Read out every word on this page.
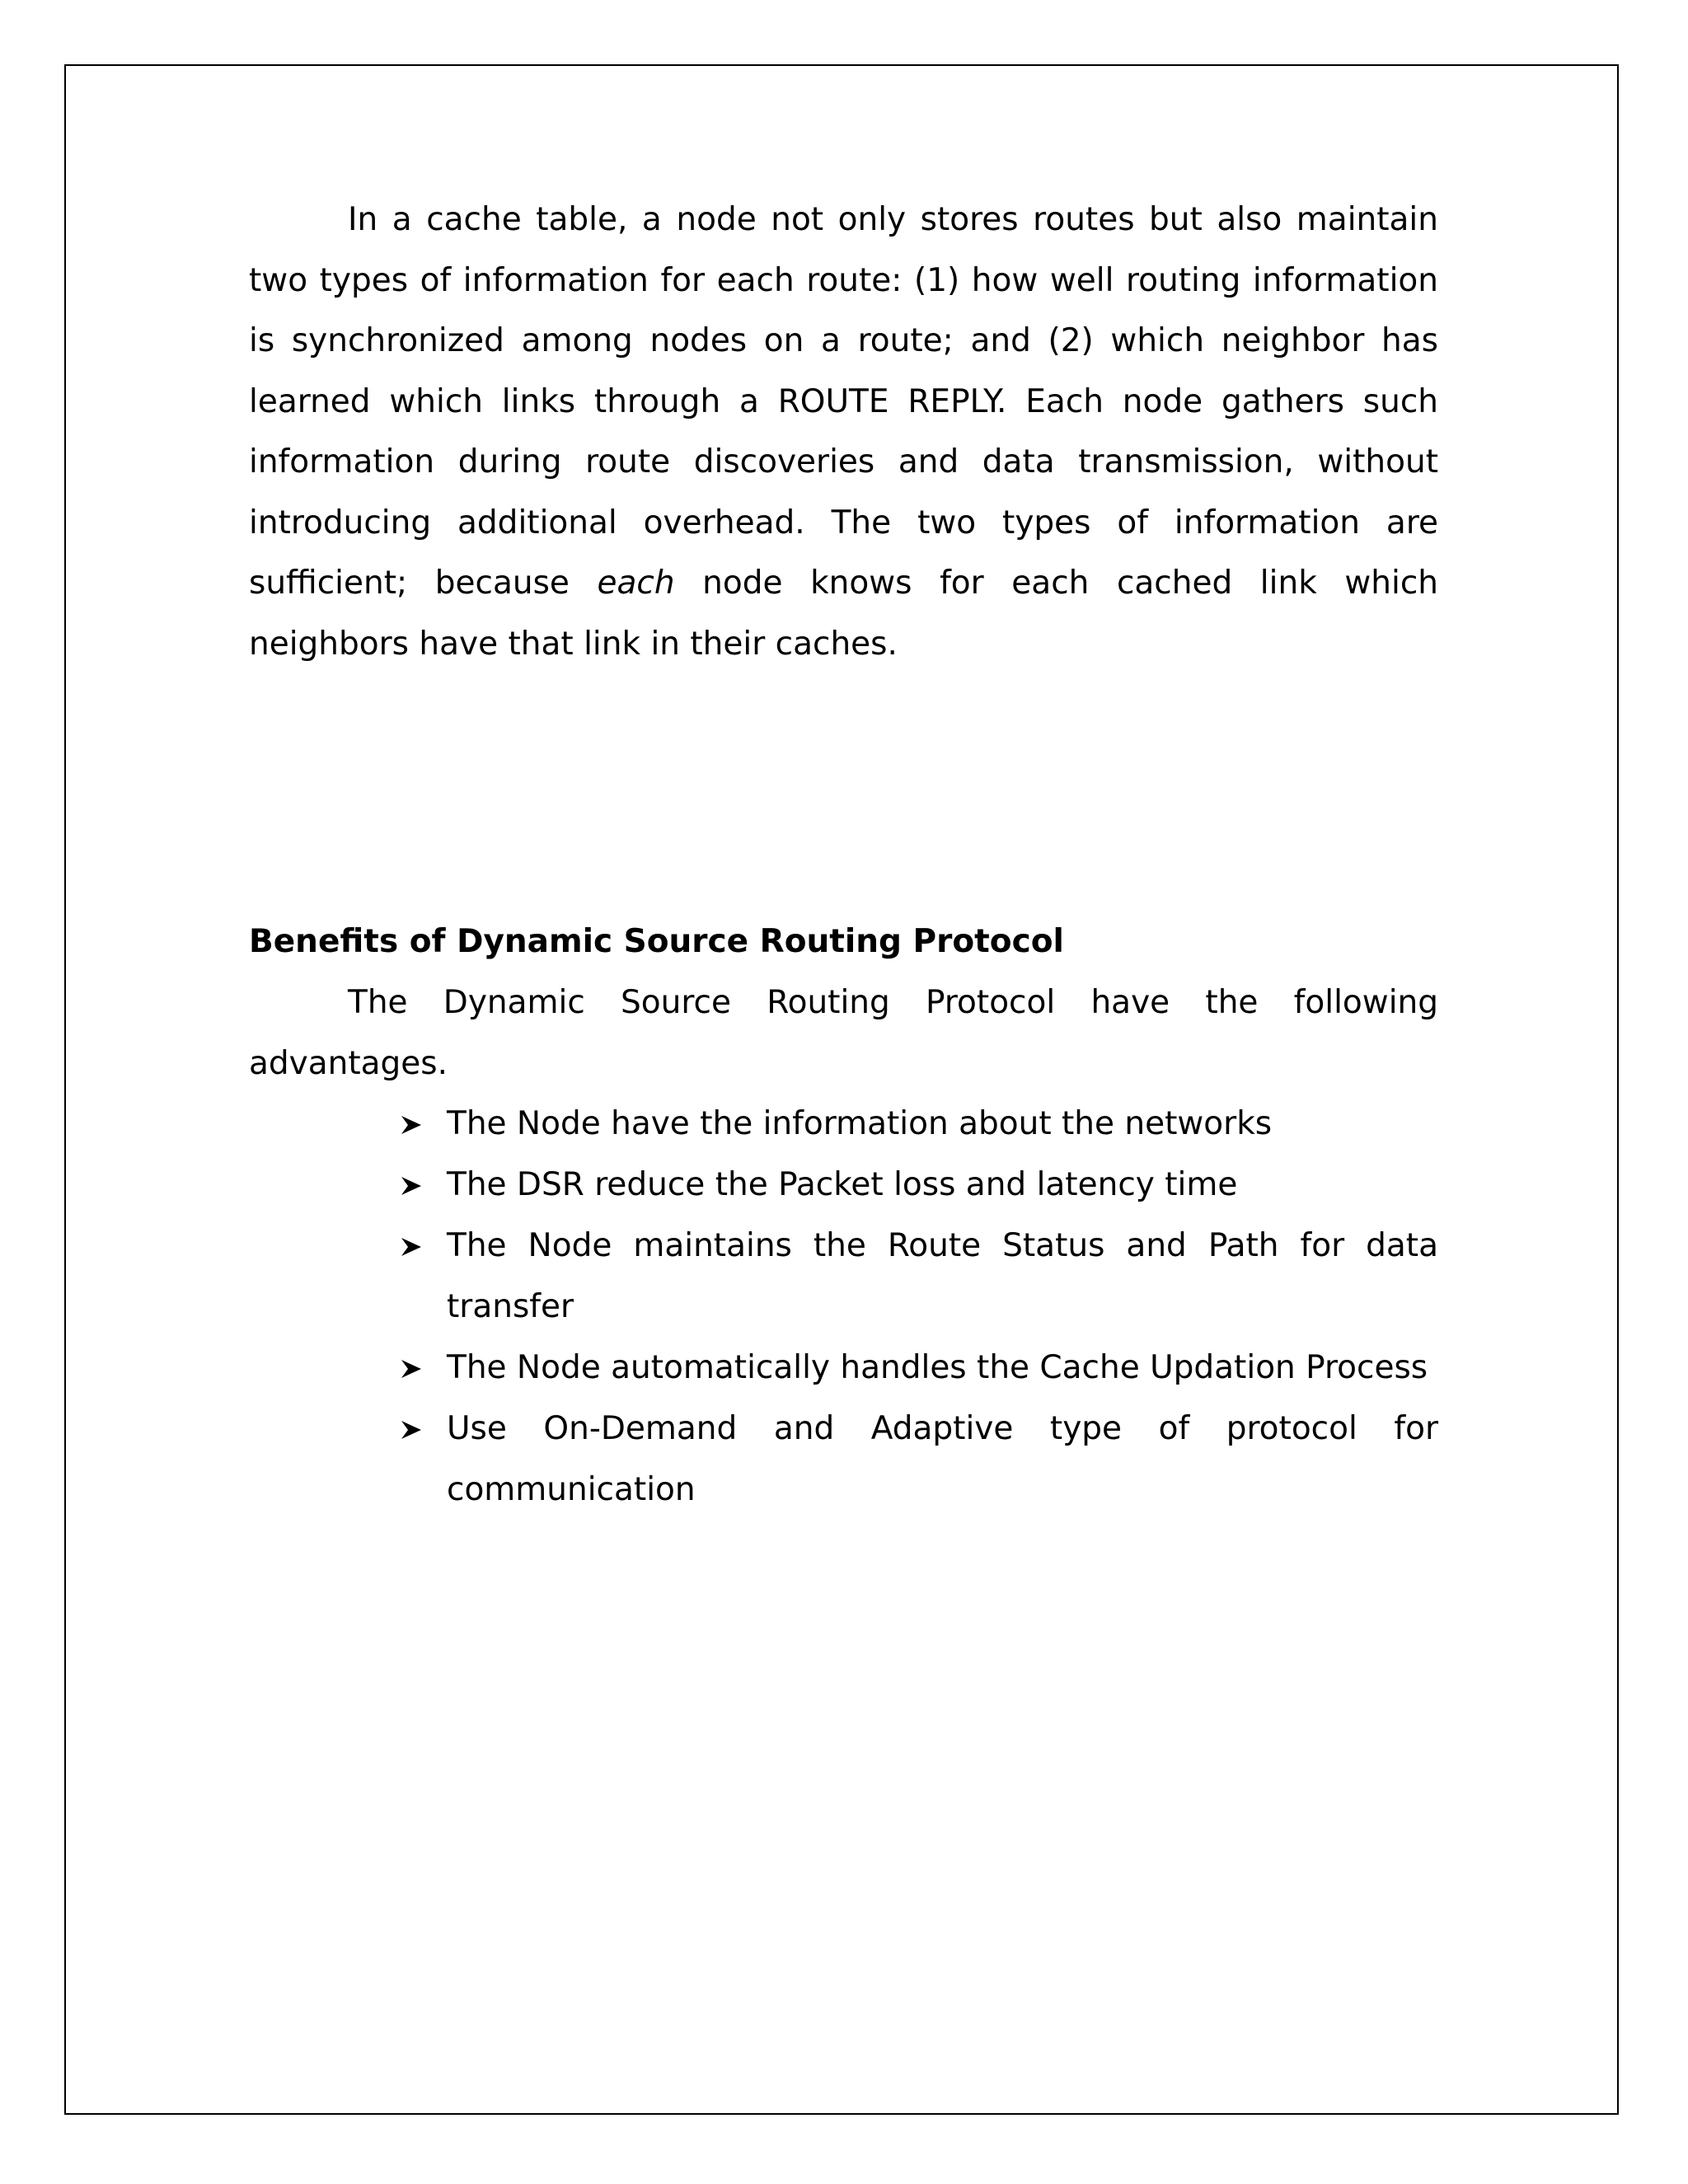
In a cache table, a node not only stores routes but also maintain two types of information for each route: (1) how well routing information is synchronized among nodes on a route; and (2) which neighbor has learned which links through a ROUTE REPLY. Each node gathers such information during route discoveries and data transmission, without introducing additional overhead. The two types of information are sufficient; because each node knows for each cached link which neighbors have that link in their caches.

Benefits of Dynamic Source Routing Protocol

The Dynamic Source Routing Protocol have the following advantages.

The Node have the information about the networks
The DSR reduce the Packet loss and latency time
The Node maintains the Route Status and Path for data transfer
The Node automatically handles the Cache Updation Process
Use On-Demand and Adaptive type of protocol for communication
